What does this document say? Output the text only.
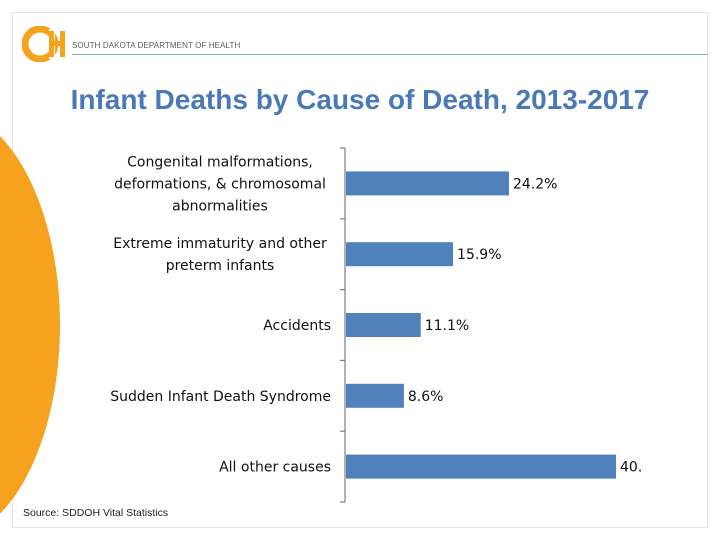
SOUTH DAKOTA DEPARTMENT OF HEALTH
Infant Deaths by Cause of Death, 2013-2017
24.2%
Congenital malformations, deformations, & chromosomal abnormalities
15.9%
Extreme immaturity and other preterm infants
11.1%
Accidents
8.6%
Sudden Infant Death Syndrome
40.
All other causes
Source: SDDOH Vital Statistics
